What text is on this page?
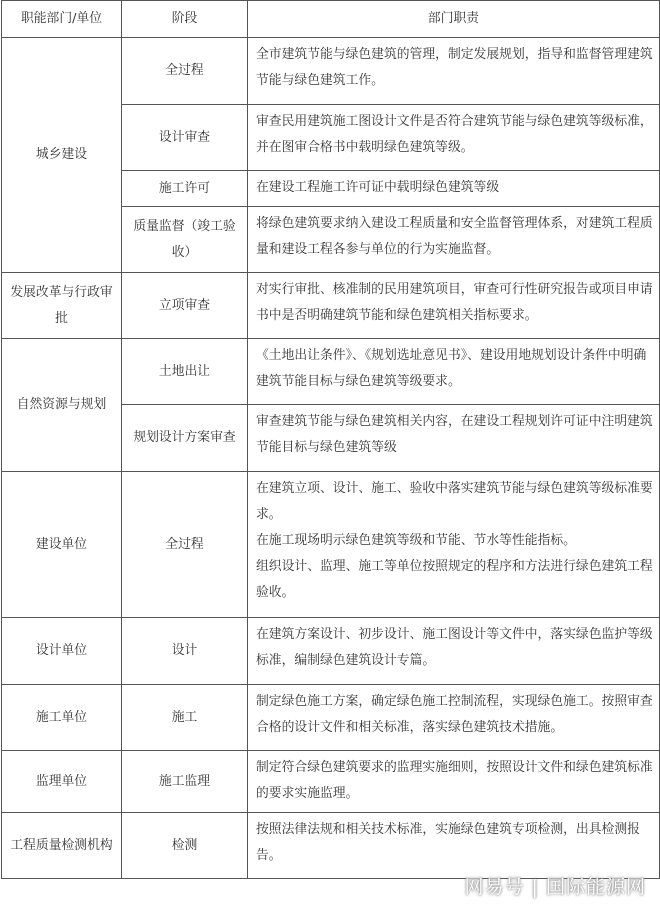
职能部门/单位	阶段	部门职责
城乡建设	全过程	全市建筑节能与绿色建筑的管理，制定发展规划，指导和监督管理建筑节能与绿色建筑工作。
	设计审查	审查民用建筑施工图设计文件是否符合建筑节能与绿色建筑等级标准，并在图审合格书中载明绿色建筑等级。
	施工许可	在建设工程施工许可证中载明绿色建筑等级
	质量监督（竣工验收）	将绿色建筑要求纳入建设工程质量和安全监督管理体系，对建筑工程质量和建设工程各参与单位的行为实施监督。
发展改革与行政审批	立项审查	对实行审批、核准制的民用建筑项目，审查可行性研究报告或项目申请书中是否明确建筑节能和绿色建筑相关指标要求。
自然资源与规划	土地出让	《土地出让条件》、《规划选址意见书》、建设用地规划设计条件中明确建筑节能目标与绿色建筑等级要求。
	规划设计方案审查	审查建筑节能与绿色建筑相关内容，在建设工程规划许可证中注明建筑节能目标与绿色建筑等级
建设单位	全过程	在建筑立项、设计、施工、验收中落实建筑节能与绿色建筑等级标准要求。
在施工现场明示绿色建筑等级和节能、节水等性能指标。
组织设计、监理、施工等单位按照规定的程序和方法进行绿色建筑工程验收。

设计单位	设计	在建筑方案设计、初步设计、施工图设计等文件中，落实绿色监护等级标准，编制绿色建筑设计专篇。
施工单位	施工	制定绿色施工方案，确定绿色施工控制流程，实现绿色施工。按照审查合格的设计文件和相关标准，落实绿色建筑技术措施。
监理单位	施工监理	制定符合绿色建筑要求的监理实施细则，按照设计文件和绿色建筑标准的要求实施监理。
工程质量检测机构	检测	按照法律法规和相关技术标准，实施绿色建筑专项检测，出具检测报告。
网易号 | 国际能源网
